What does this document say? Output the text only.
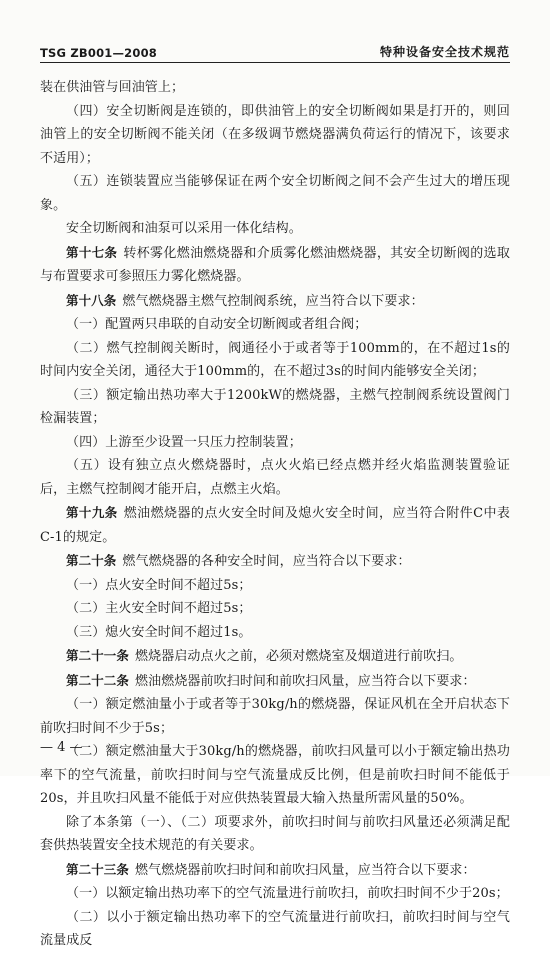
TSG ZB001—2008	特种设备安全技术规范

装在供油管与回油管上；

（四）安全切断阀是连锁的，即供油管上的安全切断阀如果是打开的，则回油管上的安全切断阀不能关闭（在多级调节燃烧器满负荷运行的情况下，该要求不适用）；

（五）连锁装置应当能够保证在两个安全切断阀之间不会产生过大的增压现象。

安全切断阀和油泵可以采用一体化结构。

第十七条 转杯雾化燃油燃烧器和介质雾化燃油燃烧器，其安全切断阀的选取与布置要求可参照压力雾化燃烧器。

第十八条 燃气燃烧器主燃气控制阀系统，应当符合以下要求：

（一）配置两只串联的自动安全切断阀或者组合阀；

（二）燃气控制阀关断时，阀通径小于或者等于100mm的，在不超过1s的时间内安全关闭，通径大于100mm的，在不超过3s的时间内能够安全关闭；

（三）额定输出热功率大于1200kW的燃烧器，主燃气控制阀系统设置阀门检漏装置；

（四）上游至少设置一只压力控制装置；

（五）设有独立点火燃烧器时，点火火焰已经点燃并经火焰监测装置验证后，主燃气控制阀才能开启，点燃主火焰。

第十九条 燃油燃烧器的点火安全时间及熄火安全时间，应当符合附件C中表C-1的规定。

第二十条 燃气燃烧器的各种安全时间，应当符合以下要求：

（一）点火安全时间不超过5s；

（二）主火安全时间不超过5s；

（三）熄火安全时间不超过1s。

第二十一条 燃烧器启动点火之前，必须对燃烧室及烟道进行前吹扫。

第二十二条 燃油燃烧器前吹扫时间和前吹扫风量，应当符合以下要求：

（一）额定燃油量小于或者等于30kg/h的燃烧器，保证风机在全开启状态下前吹扫时间不少于5s；

（二）额定燃油量大于30kg/h的燃烧器，前吹扫风量可以小于额定输出热功率下的空气流量，前吹扫时间与空气流量成反比例，但是前吹扫时间不能低于20s，并且吹扫风量不能低于对应供热装置最大输入热量所需风量的50%。

除了本条第（一）、（二）项要求外，前吹扫时间与前吹扫风量还必须满足配套供热装置安全技术规范的有关要求。

第二十三条 燃气燃烧器前吹扫时间和前吹扫风量，应当符合以下要求：

（一）以额定输出热功率下的空气流量进行前吹扫，前吹扫时间不少于20s；

（二）以小于额定输出热功率下的空气流量进行前吹扫，前吹扫时间与空气流量成反

— 4 —
